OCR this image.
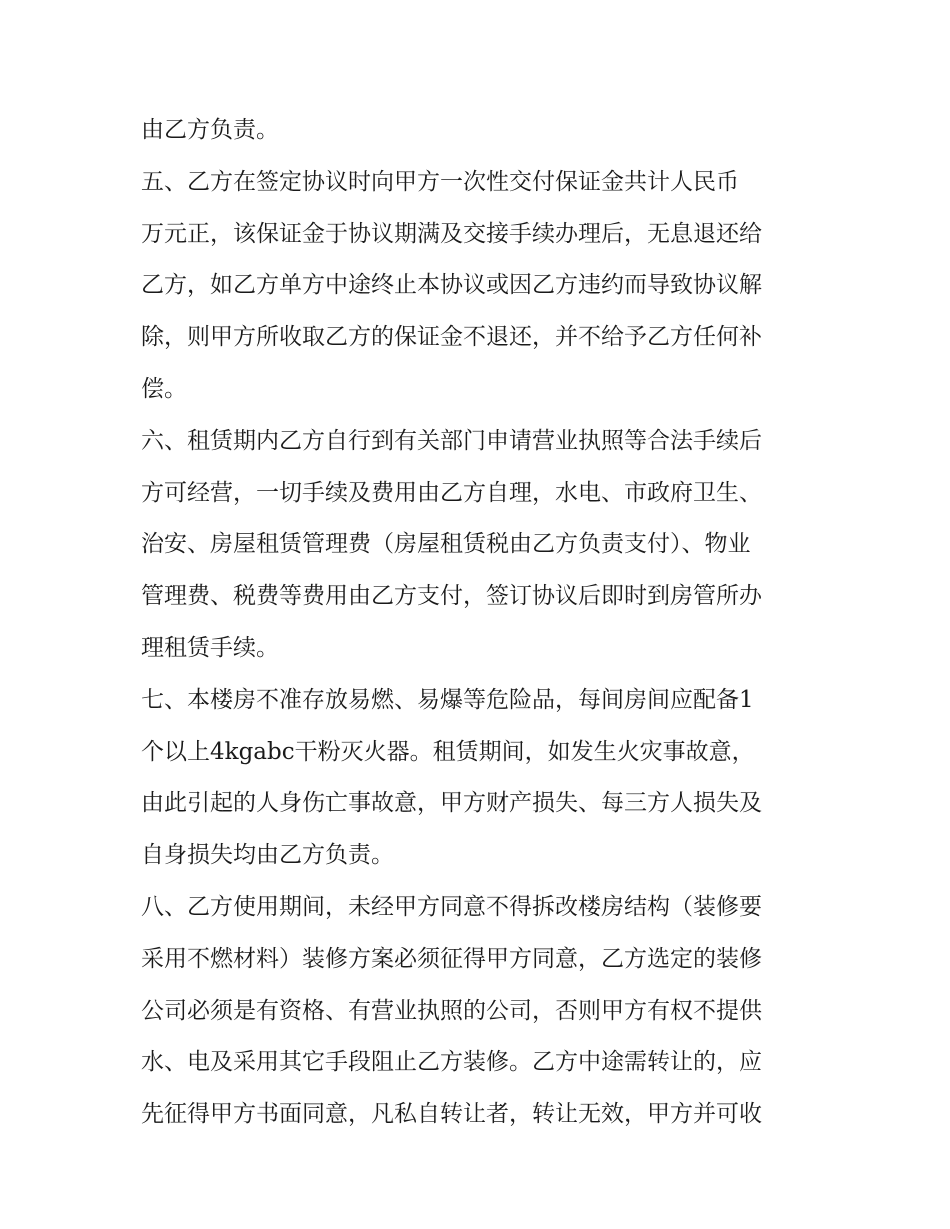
由乙方负责。
五、乙方在签定协议时向甲方一次性交付保证金共计人民币
万元正，该保证金于协议期满及交接手续办理后，无息退还给
乙方，如乙方单方中途终止本协议或因乙方违约而导致协议解
除，则甲方所收取乙方的保证金不退还，并不给予乙方任何补
偿。
六、租赁期内乙方自行到有关部门申请营业执照等合法手续后
方可经营，一切手续及费用由乙方自理，水电、市政府卫生、
治安、房屋租赁管理费（房屋租赁税由乙方负责支付）、物业
管理费、税费等费用由乙方支付，签订协议后即时到房管所办
理租赁手续。
七、本楼房不准存放易燃、易爆等危险品，每间房间应配备1
个以上4kgabc干粉灭火器。租赁期间，如发生火灾事故意，
由此引起的人身伤亡事故意，甲方财产损失、每三方人损失及
自身损失均由乙方负责。
八、乙方使用期间，未经甲方同意不得拆改楼房结构（装修要
采用不燃材料）装修方案必须征得甲方同意，乙方选定的装修
公司必须是有资格、有营业执照的公司，否则甲方有权不提供
水、电及采用其它手段阻止乙方装修。乙方中途需转让的，应
先征得甲方书面同意，凡私自转让者，转让无效，甲方并可收
